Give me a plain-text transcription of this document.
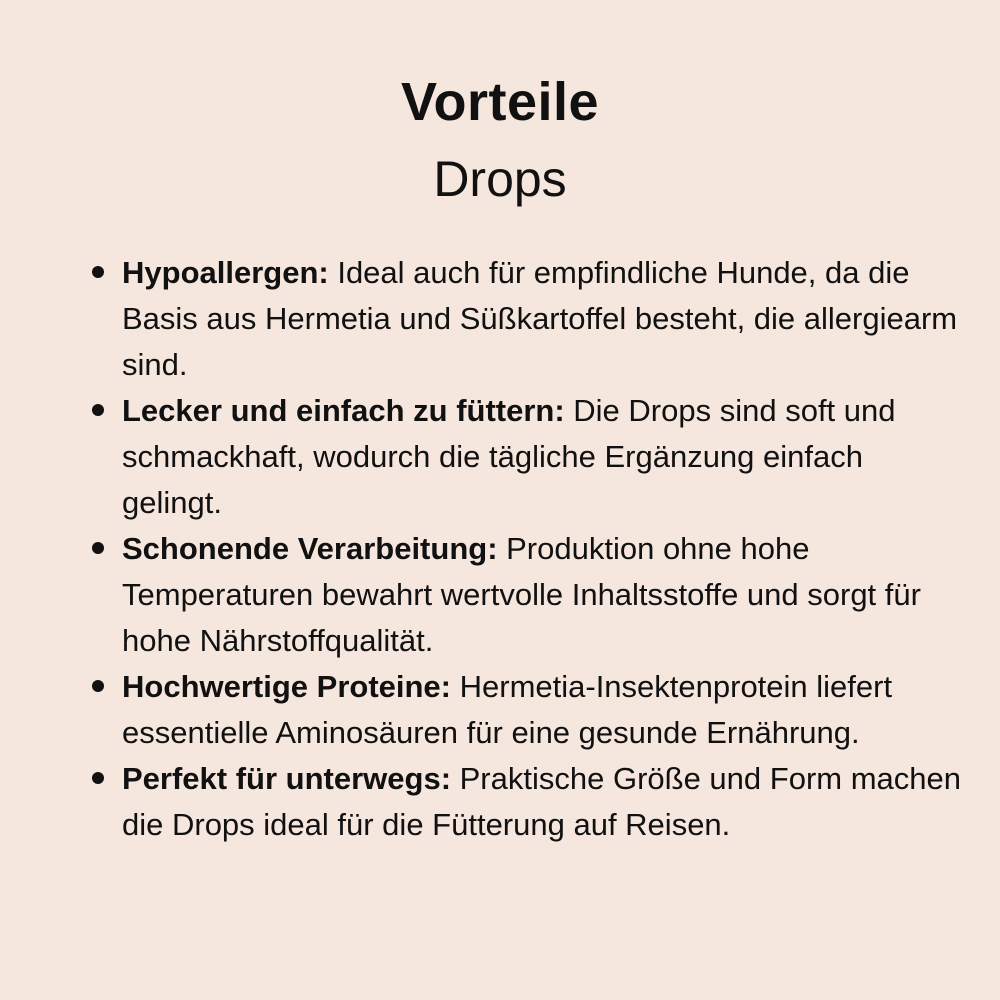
Vorteile
Drops
Hypoallergen: Ideal auch für empfindliche Hunde, da die Basis aus Hermetia und Süßkartoffel besteht, die allergiearm sind.
Lecker und einfach zu füttern: Die Drops sind soft und schmackhaft, wodurch die tägliche Ergänzung einfach gelingt.
Schonende Verarbeitung: Produktion ohne hohe Temperaturen bewahrt wertvolle Inhaltsstoffe und sorgt für hohe Nährstoffqualität.
Hochwertige Proteine: Hermetia-Insektenprotein liefert essentielle Aminosäuren für eine gesunde Ernährung.
Perfekt für unterwegs: Praktische Größe und Form machen die Drops ideal für die Fütterung auf Reisen.
